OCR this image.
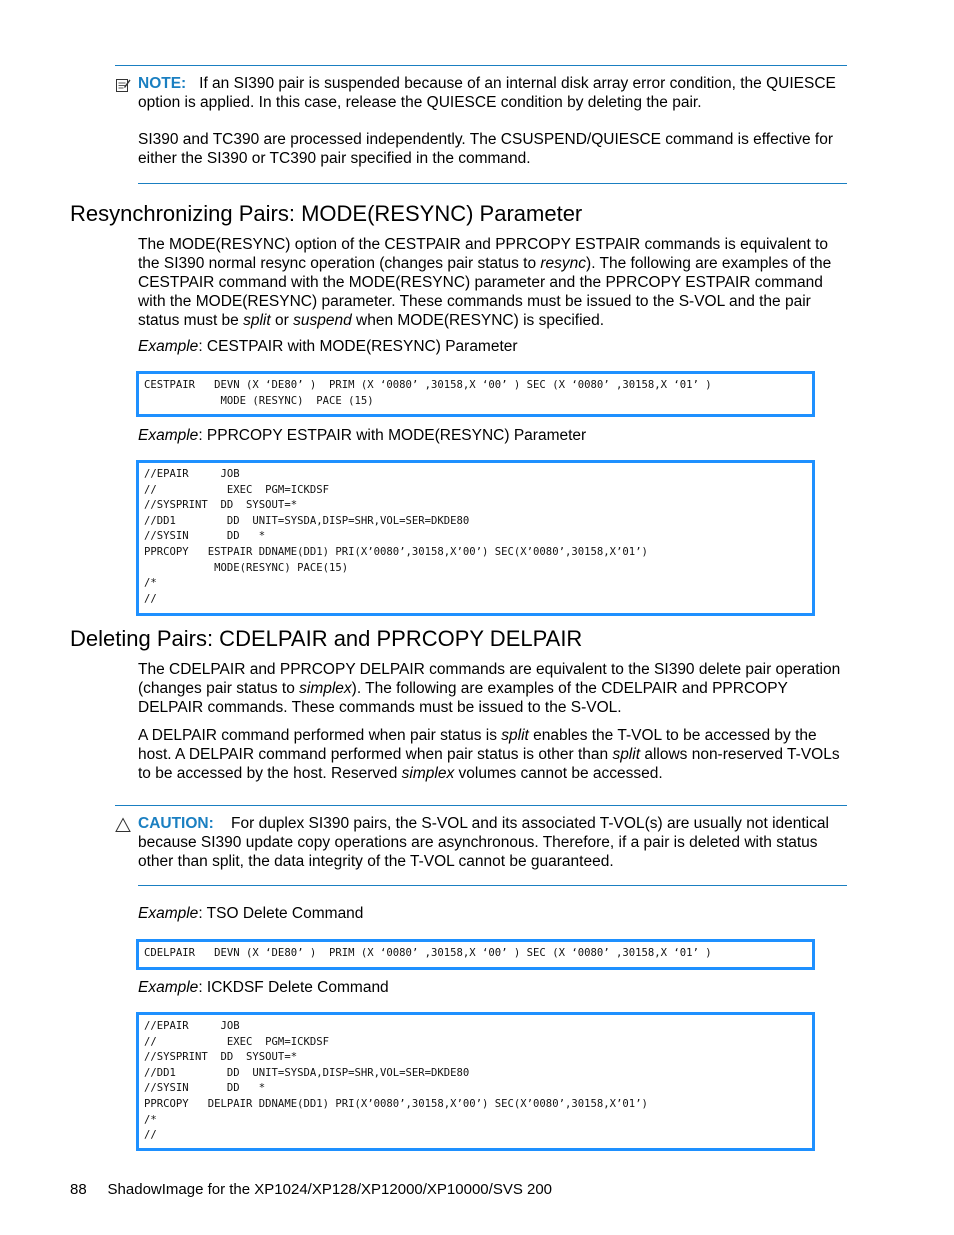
NOTE: If an SI390 pair is suspended because of an internal disk array error condition, the QUIESCE option is applied. In this case, release the QUIESCE condition by deleting the pair.
SI390 and TC390 are processed independently. The CSUSPEND/QUIESCE command is effective for either the SI390 or TC390 pair specified in the command.
Resynchronizing Pairs: MODE(RESYNC) Parameter
The MODE(RESYNC) option of the CESTPAIR and PPRCOPY ESTPAIR commands is equivalent to the SI390 normal resync operation (changes pair status to resync). The following are examples of the CESTPAIR command with the MODE(RESYNC) parameter and the PPRCOPY ESTPAIR command with the MODE(RESYNC) parameter. These commands must be issued to the S-VOL and the pair status must be split or suspend when MODE(RESYNC) is specified.
Example: CESTPAIR with MODE(RESYNC) Parameter
CESTPAIR   DEVN (X ‘DE80’ )  PRIM (X ‘0080’ ,30158,X ‘00’ ) SEC (X ‘0080’ ,30158,X ‘01’ )
MODE (RESYNC)  PACE (15)
Example: PPRCOPY ESTPAIR with MODE(RESYNC) Parameter
//EPAIR     JOB
//           EXEC  PGM=ICKDSF
//SYSPRINT  DD  SYSOUT=*
//DD1        DD  UNIT=SYSDA,DISP=SHR,VOL=SER=DKDE80
//SYSIN      DD   *
PPRCOPY   ESTPAIR DDNAME(DD1) PRI(X’0080’,30158,X’00’) SEC(X’0080’,30158,X’01’)
MODE(RESYNC) PACE(15)
/*
//
Deleting Pairs: CDELPAIR and PPRCOPY DELPAIR
The CDELPAIR and PPRCOPY DELPAIR commands are equivalent to the SI390 delete pair operation (changes pair status to simplex). The following are examples of the CDELPAIR and PPRCOPY DELPAIR commands. These commands must be issued to the S-VOL.
A DELPAIR command performed when pair status is split enables the T-VOL to be accessed by the host. A DELPAIR command performed when pair status is other than split allows non-reserved T-VOLs to be accessed by the host. Reserved simplex volumes cannot be accessed.
CAUTION: For duplex SI390 pairs, the S-VOL and its associated T-VOL(s) are usually not identical because SI390 update copy operations are asynchronous. Therefore, if a pair is deleted with status other than split, the data integrity of the T-VOL cannot be guaranteed.
Example: TSO Delete Command
CDELPAIR   DEVN (X ‘DE80’ )  PRIM (X ‘0080’ ,30158,X ‘00’ ) SEC (X ‘0080’ ,30158,X ‘01’ )
Example: ICKDSF Delete Command
//EPAIR     JOB
//           EXEC  PGM=ICKDSF
//SYSPRINT  DD  SYSOUT=*
//DD1        DD  UNIT=SYSDA,DISP=SHR,VOL=SER=DKDE80
//SYSIN      DD   *
PPRCOPY   DELPAIR DDNAME(DD1) PRI(X’0080’,30158,X’00’) SEC(X’0080’,30158,X’01’)
/*
//
88 ShadowImage for the XP1024/XP128/XP12000/XP10000/SVS 200
